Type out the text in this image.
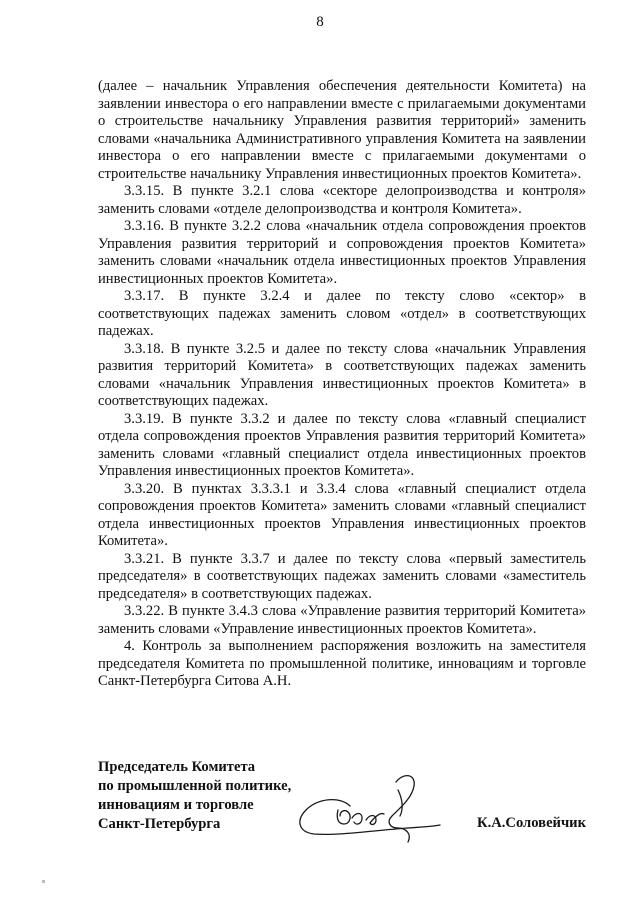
8

(далее – начальник Управления обеспечения деятельности Комитета) на заявлении инвестора о его направлении вместе с прилагаемыми документами о строительстве начальнику Управления развития территорий» заменить словами «начальника Административного управления Комитета на заявлении инвестора о его направлении вместе с прилагаемыми документами о строительстве начальнику Управления инвестиционных проектов Комитета».

3.3.15. В пункте 3.2.1 слова «секторе делопроизводства и контроля» заменить словами «отделе делопроизводства и контроля Комитета».

3.3.16. В пункте 3.2.2 слова «начальник отдела сопровождения проектов Управления развития территорий и сопровождения проектов Комитета» заменить словами «начальник отдела инвестиционных проектов Управления инвестиционных проектов Комитета».

3.3.17. В пункте 3.2.4 и далее по тексту слово «сектор» в соответствующих падежах заменить словом «отдел» в соответствующих падежах.

3.3.18. В пункте 3.2.5 и далее по тексту слова «начальник Управления развития территорий Комитета» в соответствующих падежах заменить словами «начальник Управления инвестиционных проектов Комитета» в соответствующих падежах.

3.3.19. В пункте 3.3.2 и далее по тексту слова «главный специалист отдела сопровождения проектов Управления развития территорий Комитета» заменить словами «главный специалист отдела инвестиционных проектов Управления инвестиционных проектов Комитета».

3.3.20. В пунктах 3.3.3.1 и 3.3.4 слова «главный специалист отдела сопровождения проектов Комитета» заменить словами «главный специалист отдела инвестиционных проектов Управления инвестиционных проектов Комитета».

3.3.21. В пункте 3.3.7 и далее по тексту слова «первый заместитель председателя» в соответствующих падежах заменить словами «заместитель председателя» в соответствующих падежах.

3.3.22. В пункте 3.4.3 слова «Управление развития территорий Комитета» заменить словами «Управление инвестиционных проектов Комитета».

4. Контроль за выполнением распоряжения возложить на заместителя председателя Комитета по промышленной политике, инновациям и торговле Санкт-Петербурга Ситова А.Н.

Председатель Комитета
по промышленной политике,
инновациям и торговле
Санкт-Петербурга	К.А.Соловейчик
